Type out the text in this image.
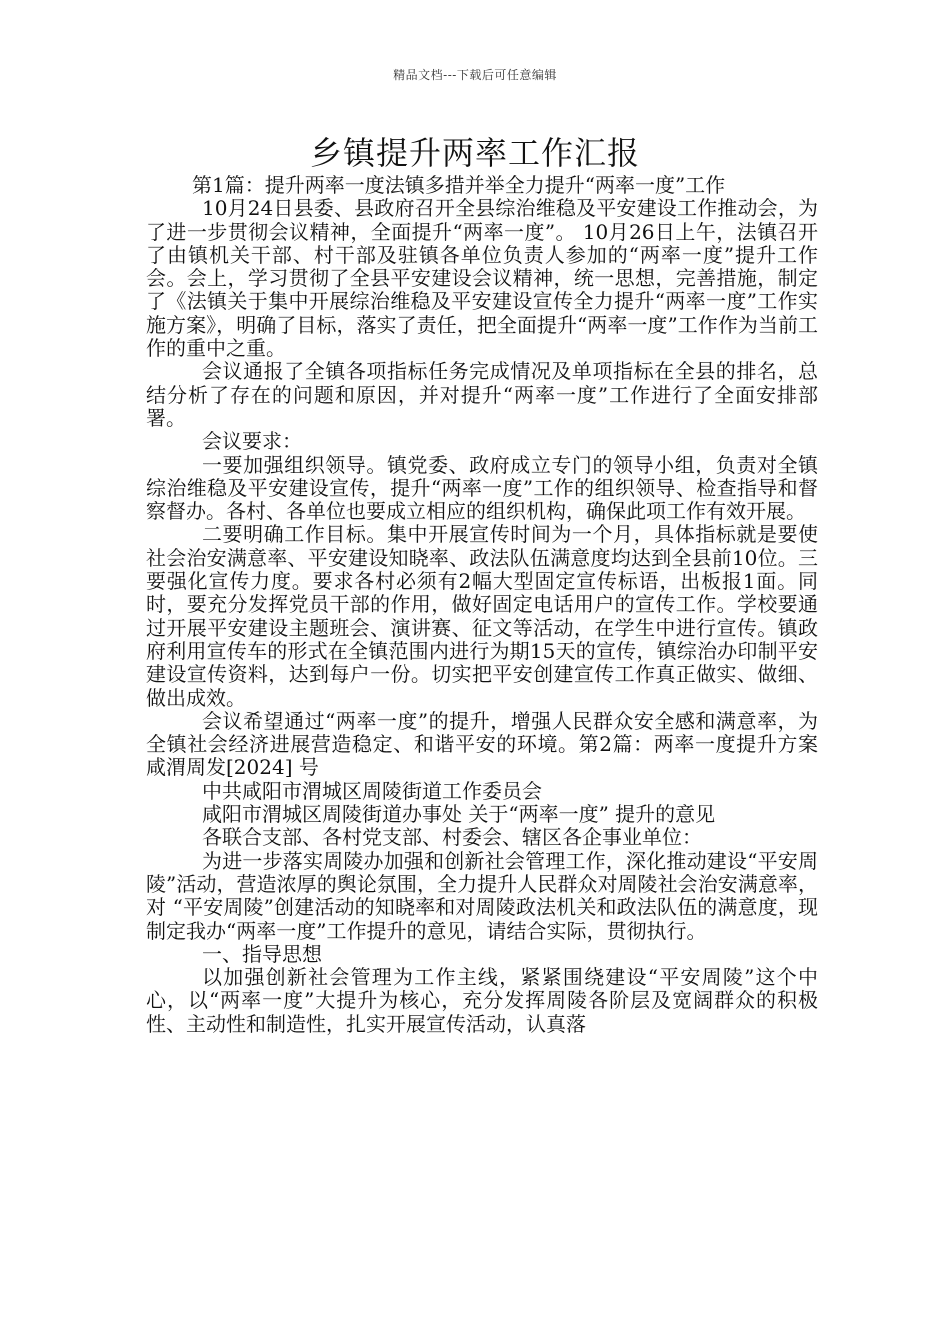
精品文档---下载后可任意编辑
乡镇提升两率工作汇报

第1篇：提升两率一度法镇多措并举全力提升“两率一度”工作

10月24日县委、县政府召开全县综治维稳及平安建设工作推动会，为了进一步贯彻会议精神，全面提升“两率一度”。 10月26日上午，法镇召开了由镇机关干部、村干部及驻镇各单位负责人参加的“两率一度”提升工作会。会上，学习贯彻了全县平安建设会议精神，统一思想，完善措施，制定了《法镇关于集中开展综治维稳及平安建设宣传全力提升“两率一度”工作实施方案》，明确了目标，落实了责任，把全面提升“两率一度”工作作为当前工作的重中之重。

会议通报了全镇各项指标任务完成情况及单项指标在全县的排名，总结分析了存在的问题和原因，并对提升“两率一度”工作进行了全面安排部署。

会议要求：

一要加强组织领导。镇党委、政府成立专门的领导小组，负责对全镇综治维稳及平安建设宣传，提升“两率一度”工作的组织领导、检查指导和督察督办。各村、各单位也要成立相应的组织机构，确保此项工作有效开展。

二要明确工作目标。集中开展宣传时间为一个月，具体指标就是要使社会治安满意率、平安建设知晓率、政法队伍满意度均达到全县前10位。三要强化宣传力度。要求各村必须有2幅大型固定宣传标语，出板报1面。同时，要充分发挥党员干部的作用，做好固定电话用户的宣传工作。学校要通过开展平安建设主题班会、演讲赛、征文等活动，在学生中进行宣传。镇政府利用宣传车的形式在全镇范围内进行为期15天的宣传，镇综治办印制平安建设宣传资料，达到每户一份。切实把平安创建宣传工作真正做实、做细、做出成效。

会议希望通过“两率一度”的提升，增强人民群众安全感和满意率，为全镇社会经济进展营造稳定、和谐平安的环境。第2篇：两率一度提升方案咸渭周发[2024] 号

中共咸阳市渭城区周陵街道工作委员会

咸阳市渭城区周陵街道办事处 关于“两率一度” 提升的意见

各联合支部、各村党支部、村委会、辖区各企事业单位：

为进一步落实周陵办加强和创新社会管理工作，深化推动建设“平安周陵”活动，营造浓厚的舆论氛围，全力提升人民群众对周陵社会治安满意率，对 “平安周陵”创建活动的知晓率和对周陵政法机关和政法队伍的满意度，现制定我办“两率一度”工作提升的意见，请结合实际，贯彻执行。

一、指导思想

以加强创新社会管理为工作主线，紧紧围绕建设“平安周陵”这个中心，以“两率一度”大提升为核心，充分发挥周陵各阶层及宽阔群众的积极性、主动性和制造性，扎实开展宣传活动，认真落
